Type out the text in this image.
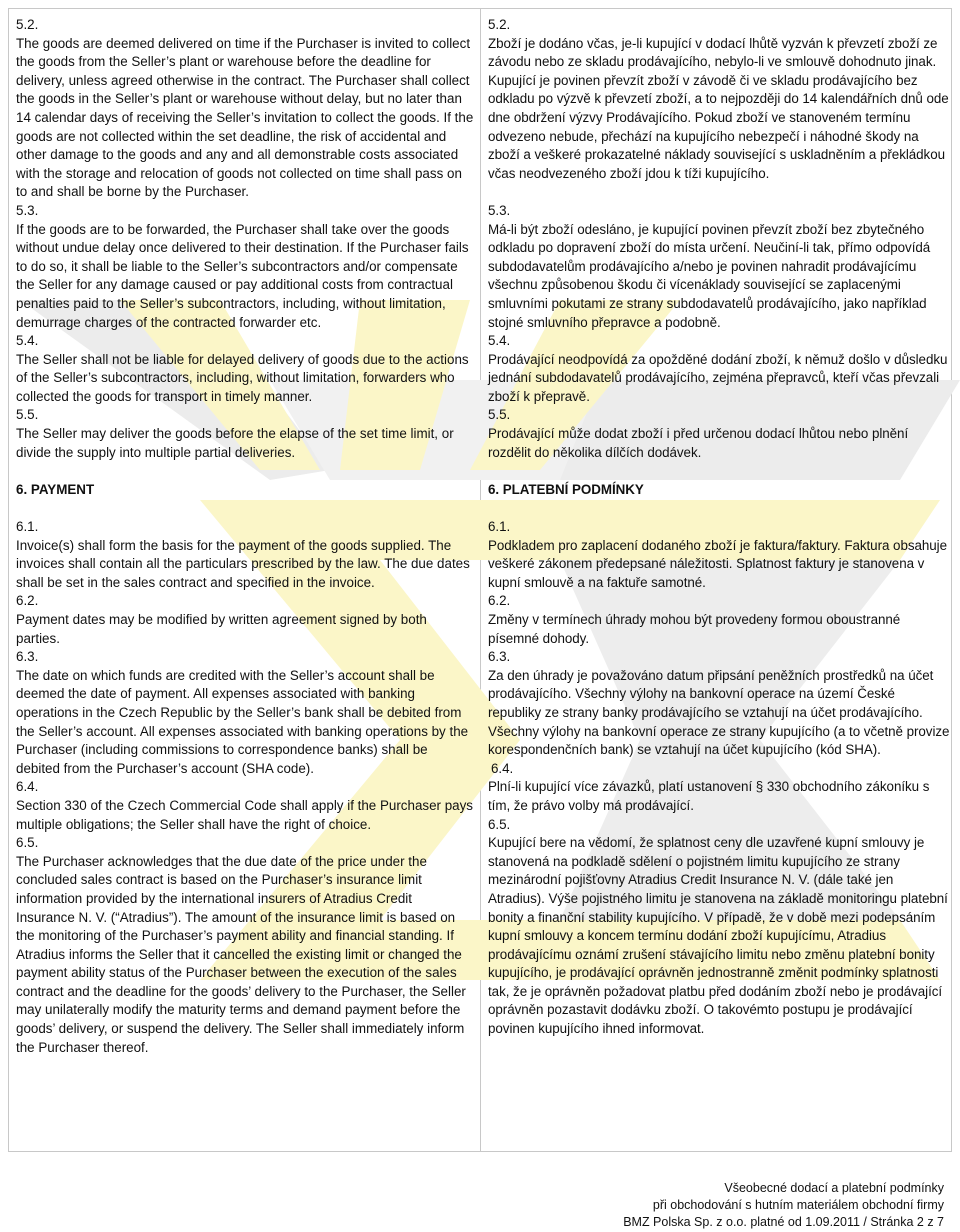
5.2.

The goods are deemed delivered on time if the Purchaser is invited to collect the goods from the Seller’s plant or warehouse before the deadline for delivery, unless agreed otherwise in the contract. The Purchaser shall collect the goods in the Seller’s plant or warehouse without delay, but no later than 14 calendar days of receiving the Seller’s invitation to collect the goods. If the goods are not collected within the set deadline, the risk of accidental and other damage to the goods and any and all demonstrable costs associated with the storage and relocation of goods not collected on time shall pass on to and shall be borne by the Purchaser.

5.3.

If the goods are to be forwarded, the Purchaser shall take over the goods without undue delay once delivered to their destination. If the Purchaser fails to do so, it shall be liable to the Seller’s subcontractors and/or compensate the Seller for any damage caused or pay additional costs from contractual penalties paid to the Seller’s subcontractors, including, without limitation, demurrage charges of the contracted forwarder etc.

5.4.

The Seller shall not be liable for delayed delivery of goods due to the actions of the Seller’s subcontractors, including, without limitation, forwarders who collected the goods for transport in timely manner.

5.5.

The Seller may deliver the goods before the elapse of the set time limit, or divide the supply into multiple partial deliveries.

6. PAYMENT

6.1.

Invoice(s) shall form the basis for the payment of the goods supplied. The invoices shall contain all the particulars prescribed by the law. The due dates shall be set in the sales contract and specified in the invoice.

6.2.

Payment dates may be modified by written agreement signed by both parties.

6.3.

The date on which funds are credited with the Seller’s account shall be deemed the date of payment. All expenses associated with banking operations in the Czech Republic by the Seller’s bank shall be debited from the Seller’s account. All expenses associated with banking operations by the Purchaser (including commissions to correspondence banks) shall be debited from the Purchaser’s account (SHA code).

6.4.

Section 330 of the Czech Commercial Code shall apply if the Purchaser pays multiple obligations; the Seller shall have the right of choice.

6.5.

The Purchaser acknowledges that the due date of the price under the concluded sales contract is based on the Purchaser’s insurance limit information provided by the international insurers of Atradius Credit Insurance N. V. (“Atradius”). The amount of the insurance limit is based on the monitoring of the Purchaser’s payment ability and financial standing. If Atradius informs the Seller that it cancelled the existing limit or changed the payment ability status of the Purchaser between the execution of the sales contract and the deadline for the goods’ delivery to the Purchaser, the Seller may unilaterally modify the maturity terms and demand payment before the goods’ delivery, or suspend the delivery. The Seller shall immediately inform the Purchaser thereof.

5.2.

Zboží je dodáno včas, je-li kupující v dodací lhůtě vyzván k převzetí zboží ze závodu nebo ze skladu prodávajícího, nebylo-li ve smlouvě dohodnuto jinak. Kupující je povinen převzít zboží v závodě či ve skladu prodávajícího bez odkladu po výzvě k převzetí zboží, a to nejpozději do 14 kalendářních dnů ode dne obdržení výzvy Prodávajícího. Pokud zboží ve stanoveném termínu odvezeno nebude, přechází na kupujícího nebezpečí i náhodné škody na zboží a veškeré prokazatelné náklady související s uskladněním a překládkou včas neodvezeného zboží jdou k tíži kupujícího.

5.3.

Má-li být zboží odesláno, je kupující povinen převzít zboží bez zbytečného odkladu po dopravení zboží do místa určení. Neučiní-li tak, přímo odpovídá subdodavatelům prodávajícího a/nebo je povinen nahradit prodávajícímu všechnu způsobenou škodu či vícenáklady související se zaplacenými smluvními pokutami ze strany subdodavatelů prodávajícího, jako například stojné smluvního přepravce a podobně.

5.4.

Prodávající neodpovídá za opožděné dodání zboží, k němuž došlo v důsledku jednání subdodavatelů prodávajícího, zejména přepravců, kteří včas převzali zboží k přepravě.

5.5.

Prodávající může dodat zboží i před určenou dodací lhůtou nebo plnění rozdělit do několika dílčích dodávek.

6. PLATEBNÍ PODMÍNKY

6.1.

Podkladem pro zaplacení dodaného zboží je faktura/faktury. Faktura obsahuje veškeré zákonem předepsané náležitosti. Splatnost faktury je stanovena v kupní smlouvě a na faktuře samotné.

6.2.

Změny v termínech úhrady mohou být provedeny formou oboustranné písemné dohody.

6.3.

Za den úhrady je považováno datum připsání peněžních prostředků na účet prodávajícího. Všechny výlohy na bankovní operace na území České republiky ze strany banky prodávajícího se vztahují na účet prodávajícího. Všechny výlohy na bankovní operace ze strany kupujícího (a to včetně provize korespondenčních bank) se vztahují na účet kupujícího (kód SHA).

6.4.

Plní-li kupující více závazků, platí ustanovení § 330 obchodního zákoníku s tím, že právo volby má prodávající.

6.5.

Kupující bere na vědomí, že splatnost ceny dle uzavřené kupní smlouvy je stanovená na podkladě sdělení o pojistném limitu kupujícího ze strany mezinárodní pojišťovny Atradius Credit Insurance N. V. (dále také jen Atradius). Výše pojistného limitu je stanovena na základě monitoringu platební bonity a finanční stability kupujícího. V případě, že v době mezi podepsáním kupní smlouvy a koncem termínu dodání zboží kupujícímu, Atradius prodávajícímu oznámí zrušení stávajícího limitu nebo změnu platební bonity kupujícího, je prodávající oprávněn jednostranně změnit podmínky splatnosti tak, že je oprávněn požadovat platbu před dodáním zboží nebo je prodávající oprávněn pozastavit dodávku zboží. O takovémto postupu je prodávající povinen kupujícího ihned informovat.

Všeobecné dodací a platební podmínky
při obchodování s hutním materiálem obchodní firmy
BMZ Polska Sp. z o.o. platné od 1.09.2011 / Stránka 2 z 7
